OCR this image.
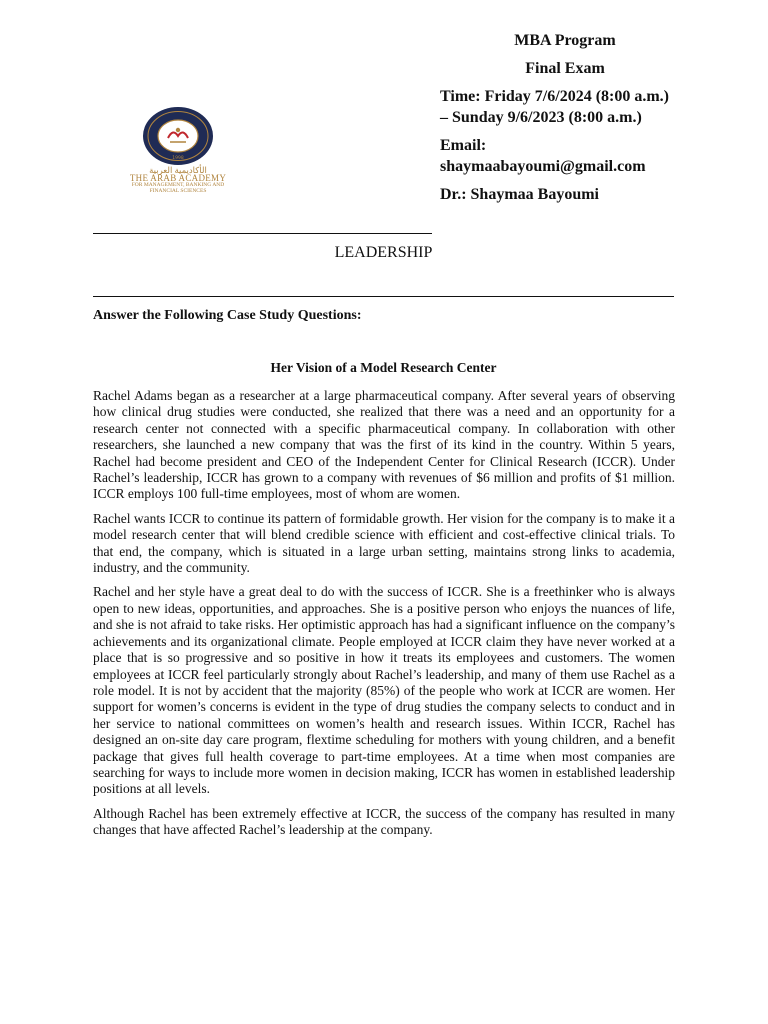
1998
الأكاديمية العربية
THE ARAB ACADEMY
FOR MANAGEMENT, BANKING AND
FINANCIAL SCIENCES
MBA Program
Final Exam
Time: Friday 7/6/2024 (8:00 a.m.)
– Sunday 9/6/2023 (8:00 a.m.)
Email:
shaymaabayoumi@gmail.com
Dr.: Shaymaa Bayoumi
LEADERSHIP
Answer the Following Case Study Questions:
Her Vision of a Model Research Center

Rachel Adams began as a researcher at a large pharmaceutical company. After several years of observing how clinical drug studies were conducted, she realized that there was a need and an opportunity for a research center not connected with a specific pharmaceutical company. In collaboration with other researchers, she launched a new company that was the first of its kind in the country. Within 5 years, Rachel had become president and CEO of the Independent Center for Clinical Research (ICCR). Under Rachel’s leadership, ICCR has grown to a company with revenues of $6 million and profits of $1 million. ICCR employs 100 full-time employees, most of whom are women.

Rachel wants ICCR to continue its pattern of formidable growth. Her vision for the company is to make it a model research center that will blend credible science with efficient and cost-effective clinical trials. To that end, the company, which is situated in a large urban setting, maintains strong links to academia, industry, and the community.

Rachel and her style have a great deal to do with the success of ICCR. She is a freethinker who is always open to new ideas, opportunities, and approaches. She is a positive person who enjoys the nuances of life, and she is not afraid to take risks. Her optimistic approach has had a significant influence on the company’s achievements and its organizational climate. People employed at ICCR claim they have never worked at a place that is so progressive and so positive in how it treats its employees and customers. The women employees at ICCR feel particularly strongly about Rachel’s leadership, and many of them use Rachel as a role model. It is not by accident that the majority (85%) of the people who work at ICCR are women. Her support for women’s concerns is evident in the type of drug studies the company selects to conduct and in her service to national committees on women’s health and research issues. Within ICCR, Rachel has designed an on-site day care program, flextime scheduling for mothers with young children, and a benefit package that gives full health coverage to part-time employees. At a time when most companies are searching for ways to include more women in decision making, ICCR has women in established leadership positions at all levels.

Although Rachel has been extremely effective at ICCR, the success of the company has resulted in many changes that have affected Rachel’s leadership at the company.
